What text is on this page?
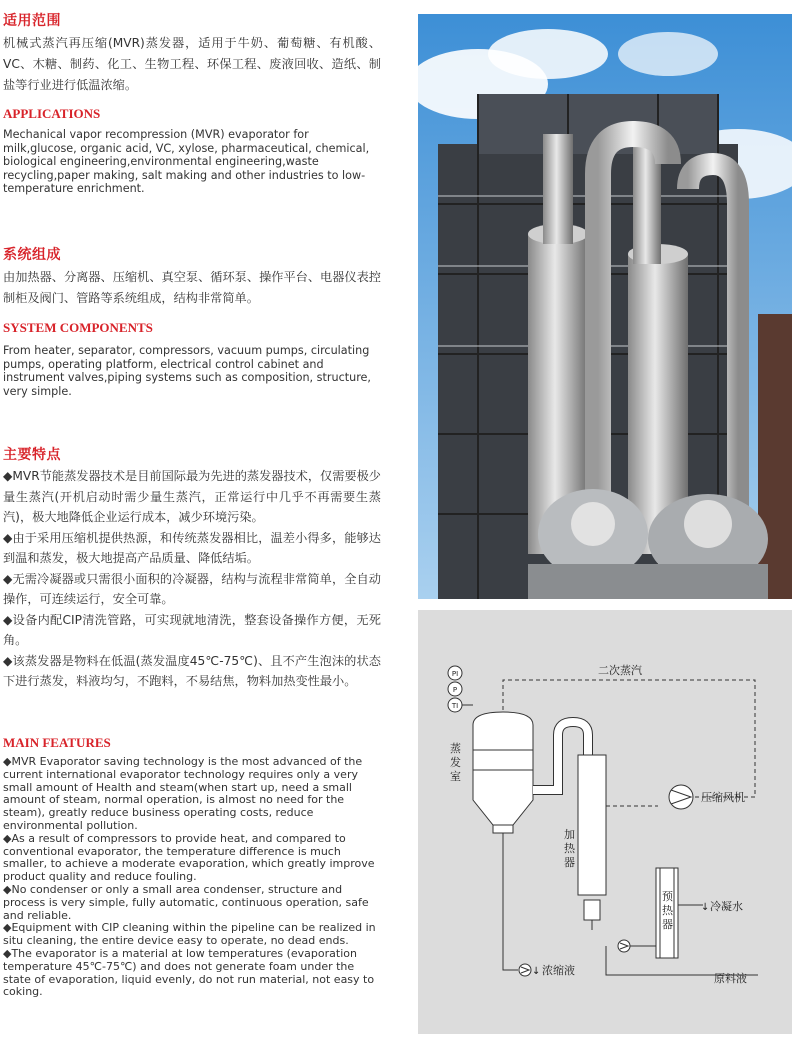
适用范围

机械式蒸汽再压缩(MVR)蒸发器，适用于牛奶、葡萄糖、有机酸、VC、木糖、制药、化工、生物工程、环保工程、废液回收、造纸、制盐等行业进行低温浓缩。

APPLICATIONS

Mechanical vapor recompression (MVR) evaporator for milk,glucose, organic acid, VC, xylose, pharmaceutical, chemical, biological engineering,environmental engineering,waste recycling,paper making, salt making and other industries to low-temperature enrichment.

系统组成

由加热器、分离器、压缩机、真空泵、循环泵、操作平台、电器仪表控制柜及阀门、管路等系统组成，结构非常简单。

SYSTEM COMPONENTS

From heater, separator, compressors, vacuum pumps, circulating pumps, operating platform, electrical control cabinet and instrument valves,piping systems such as composition, structure, very simple.

主要特点

◆MVR节能蒸发器技术是目前国际最为先进的蒸发器技术，仅需要极少量生蒸汽(开机启动时需少量生蒸汽，正常运行中几乎不再需要生蒸汽)，极大地降低企业运行成本，减少环境污染。

◆由于采用压缩机提供热源，和传统蒸发器相比，温差小得多，能够达到温和蒸发，极大地提高产品质量、降低结垢。

◆无需冷凝器或只需很小面积的冷凝器，结构与流程非常简单，全自动操作，可连续运行，安全可靠。

◆设备内配CIP清洗管路，可实现就地清洗，整套设备操作方便，无死角。

◆该蒸发器是物料在低温(蒸发温度45℃-75℃)、且不产生泡沫的状态下进行蒸发，料液均匀，不跑料，不易结焦，物料加热变性最小。

MAIN FEATURES

◆MVR Evaporator saving technology is the most advanced of the current international evaporator technology requires only a very small amount of Health and steam(when start up, need a small amount of steam, normal operation, is almost no need for the steam), greatly reduce business operating costs, reduce environmental pollution.

◆As a result of compressors to provide heat, and compared to conventional evaporator, the temperature difference is much smaller, to achieve a moderate evaporation, which greatly improve product quality and reduce fouling.

◆No condenser or only a small area condenser, structure and process is very simple, fully automatic, continuous operation, safe and reliable.

◆Equipment with CIP cleaning within the pipeline can be realized in situ cleaning, the entire device easy to operate, no dead ends.

◆The evaporator is a material at low temperatures (evaporation temperature 45℃-75℃) and does not generate foam under the state of evaporation, liquid evenly, do not run material, not easy to coking.

二次蒸汽
PI
P
TI
蒸
发
室
加
热
器
压缩风机
预
热
器
↓ 冷凝水
原料液
↓ 浓缩液
